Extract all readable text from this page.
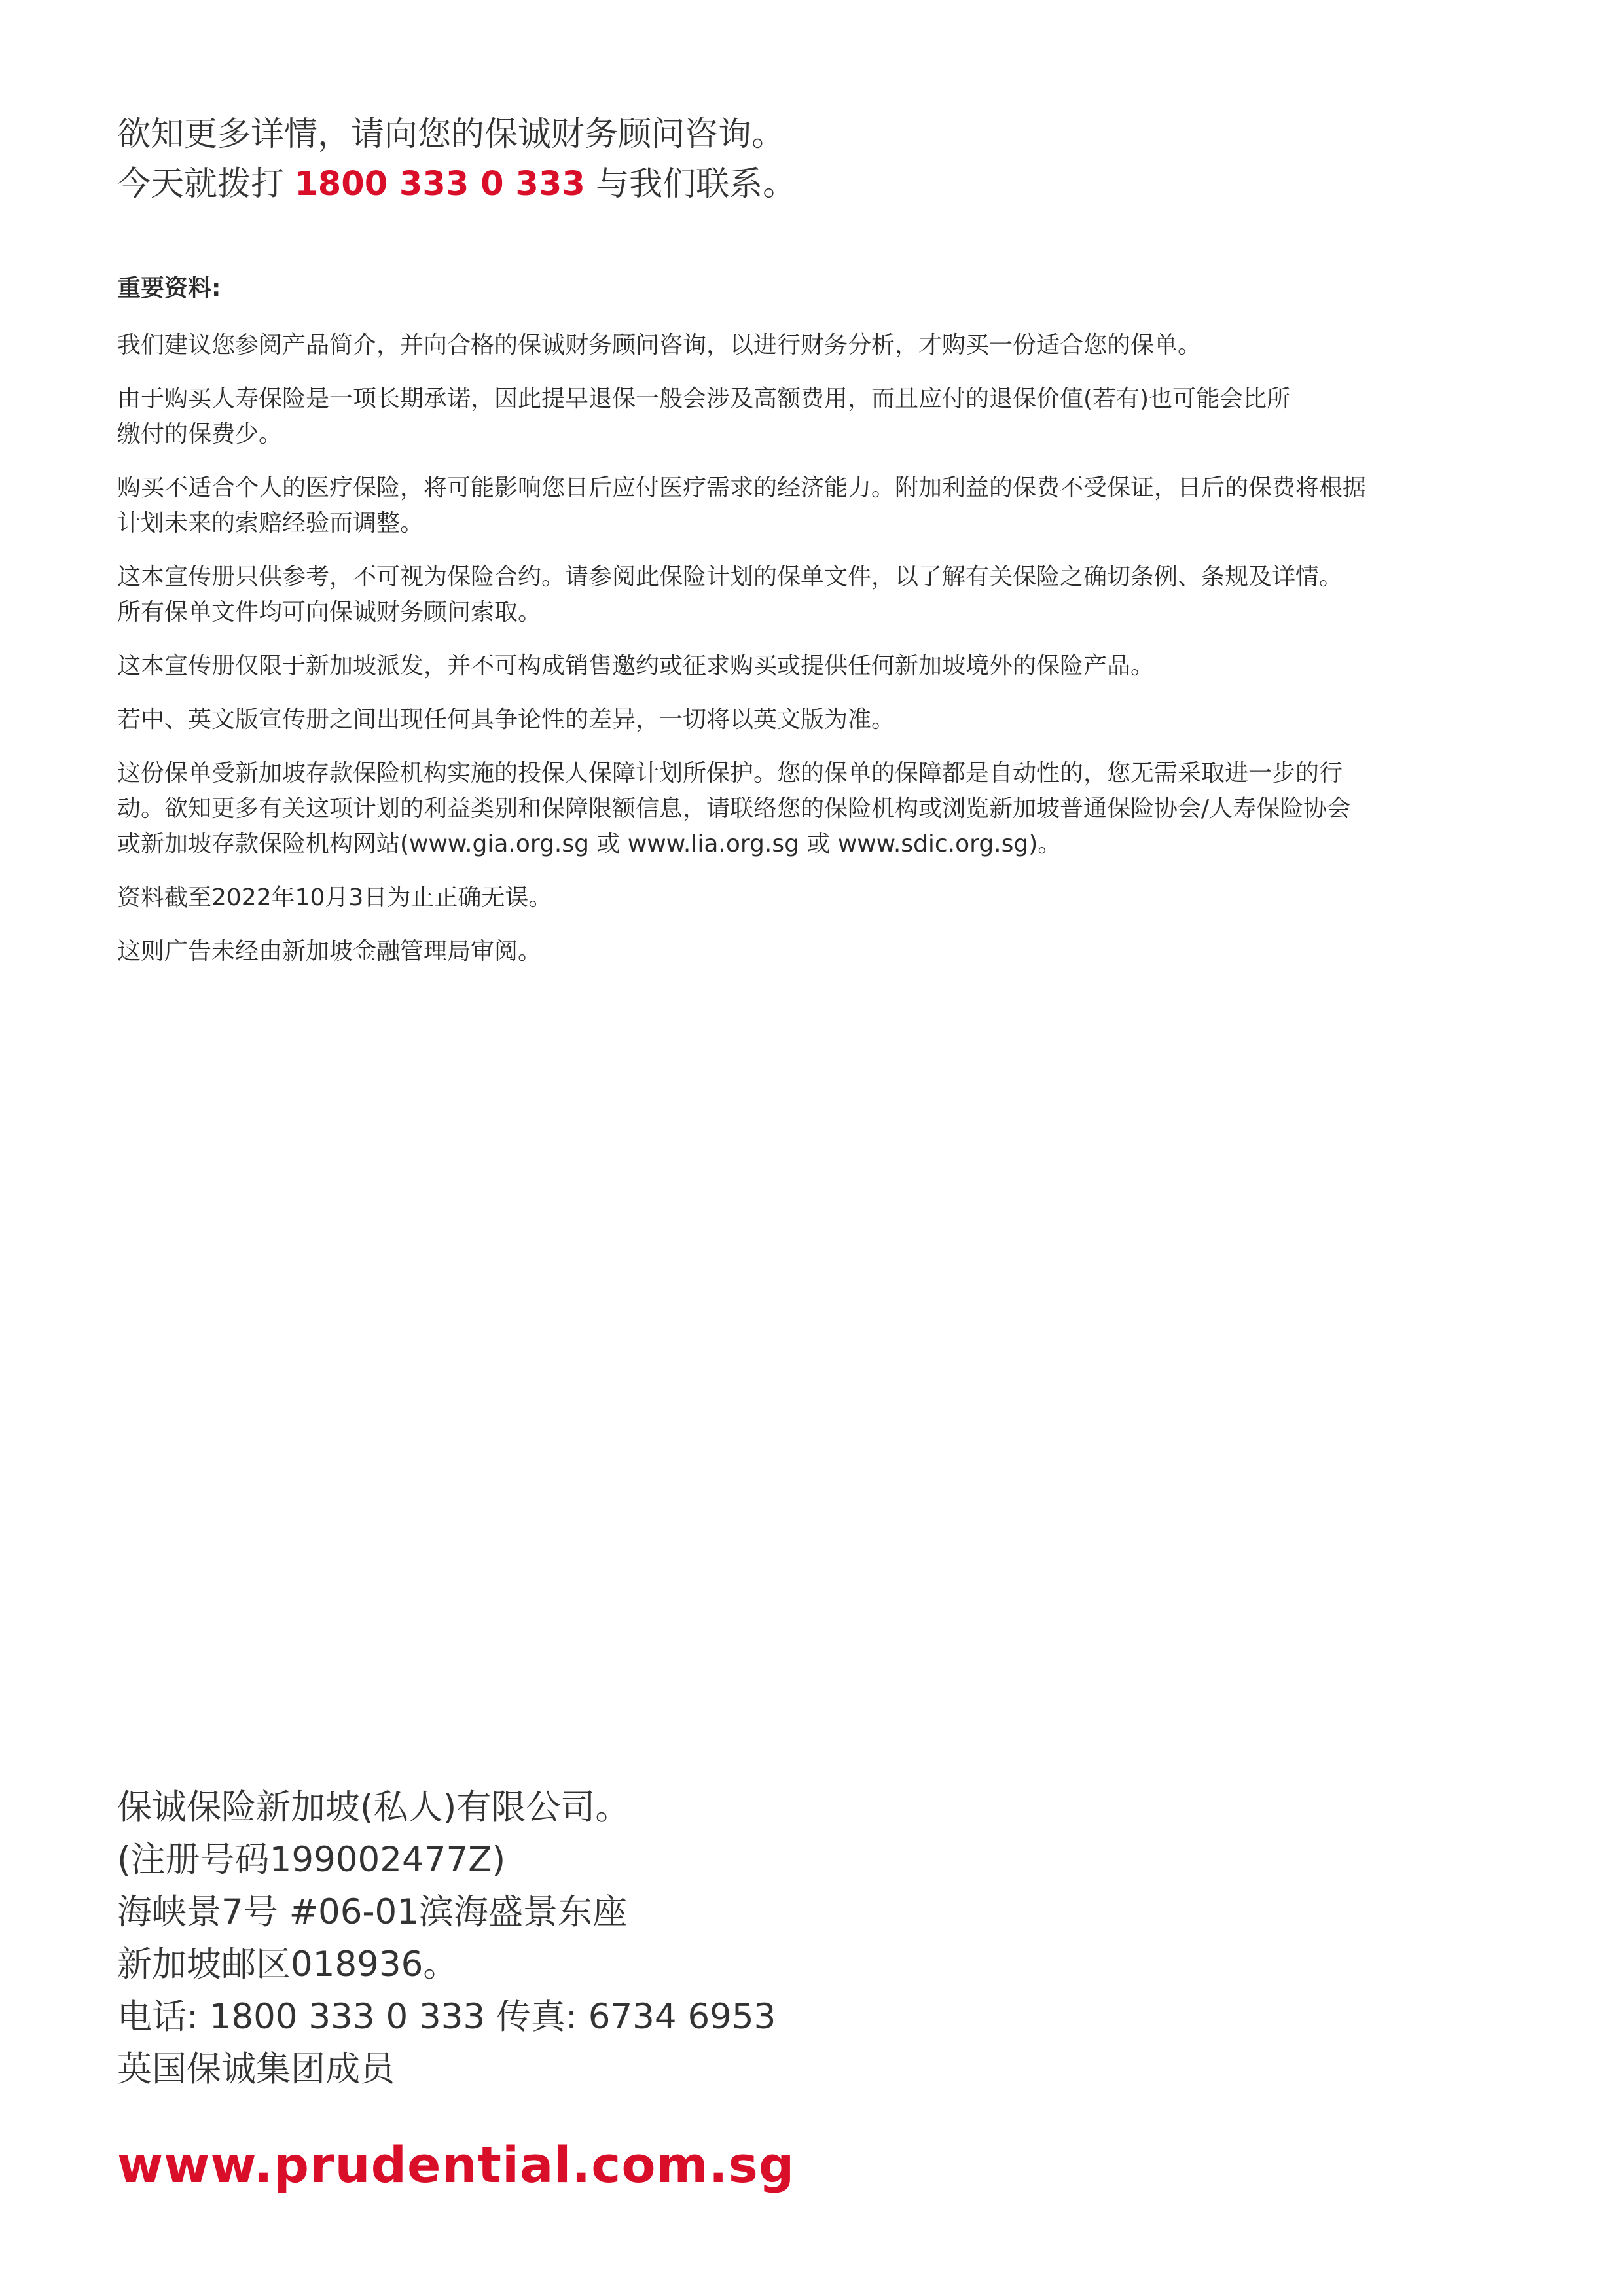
欲知更多详情，请向您的保诚财务顾问咨询。
今天就拨打 1800 333 0 333 与我们联系。
重要资料:

我们建议您参阅产品简介，并向合格的保诚财务顾问咨询，以进行财务分析，才购买一份适合您的保单。

由于购买人寿保险是一项长期承诺，因此提早退保一般会涉及高额费用，而且应付的退保价值(若有)也可能会比所
缴付的保费少。

购买不适合个人的医疗保险，将可能影响您日后应付医疗需求的经济能力。附加利益的保费不受保证，日后的保费将根据
计划未来的索赔经验而调整。

这本宣传册只供参考，不可视为保险合约。请参阅此保险计划的保单文件，以了解有关保险之确切条例、条规及详情。
所有保单文件均可向保诚财务顾问索取。

这本宣传册仅限于新加坡派发，并不可构成销售邀约或征求购买或提供任何新加坡境外的保险产品。

若中、英文版宣传册之间出现任何具争论性的差异，一切将以英文版为准。

这份保单受新加坡存款保险机构实施的投保人保障计划所保护。您的保单的保障都是自动性的，您无需采取进一步的行
动。欲知更多有关这项计划的利益类别和保障限额信息，请联络您的保险机构或浏览新加坡普通保险协会/人寿保险协会
或新加坡存款保险机构网站(www.gia.org.sg 或 www.lia.org.sg 或 www.sdic.org.sg)。

资料截至2022年10月3日为止正确无误。

这则广告未经由新加坡金融管理局审阅。

保诚保险新加坡(私人)有限公司。
(注册号码199002477Z)
海峡景7号 #06-01滨海盛景东座
新加坡邮区018936。
电话: 1800 333 0 333 传真: 6734 6953
英国保诚集团成员
www.prudential.com.sg
